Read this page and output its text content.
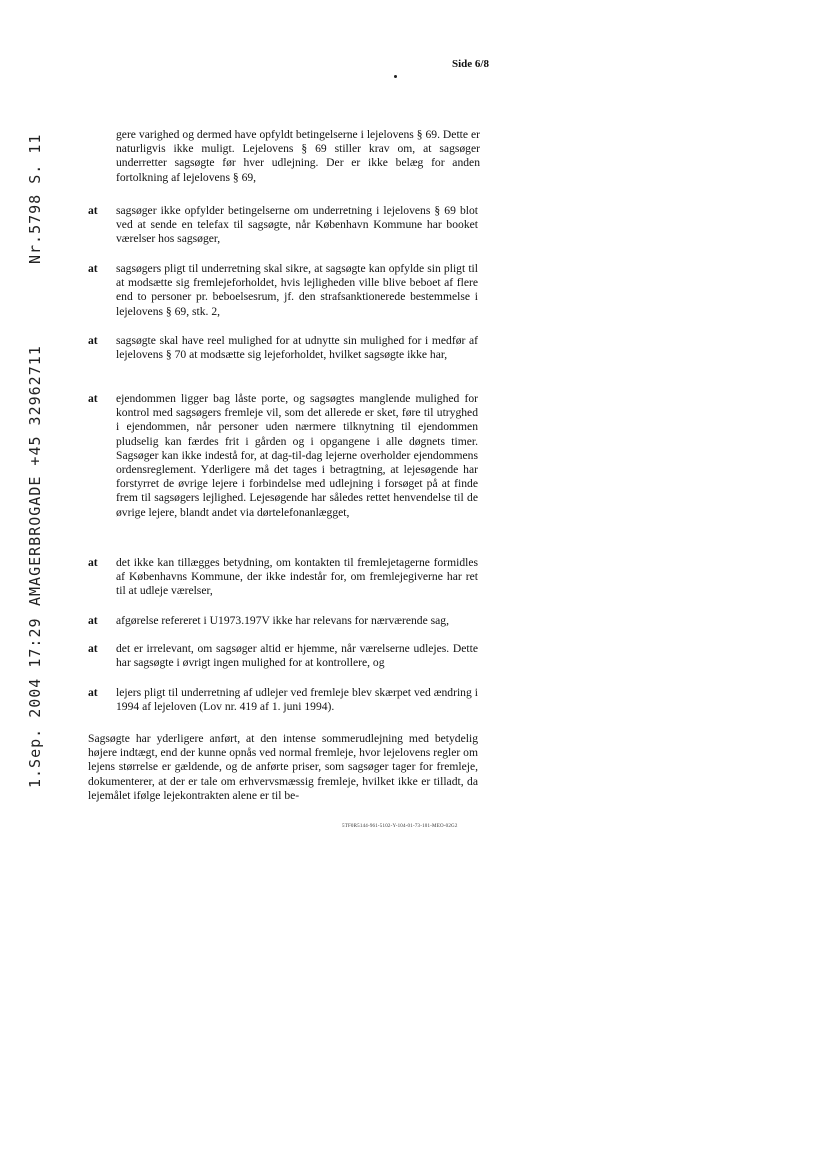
Side 6/8
Nr.5798 S. 11
AMAGERBROGADE +45 32962711
1.Sep. 2004 17:29
gere varighed og dermed have opfyldt betingelserne i lejelovens § 69. Dette er naturligvis ikke muligt. Lejelovens § 69 stiller krav om, at sagsøger underretter sagsøgte før hver udlejning. Der er ikke belæg for anden fortolkning af lejelovens § 69,
at sagsøger ikke opfylder betingelserne om underretning i lejelovens § 69 blot ved at sende en telefax til sagsøgte, når København Kommune har booket værelser hos sagsøger,
at sagsøgers pligt til underretning skal sikre, at sagsøgte kan opfylde sin pligt til at modsætte sig fremlejeforholdet, hvis lejligheden ville blive beboet af flere end to personer pr. beboelsesrum, jf. den strafsanktionerede bestemmelse i lejelovens § 69, stk. 2,
at sagsøgte skal have reel mulighed for at udnytte sin mulighed for i medfør af lejelovens § 70 at modsætte sig lejeforholdet, hvilket sagsøgte ikke har,
at ejendommen ligger bag låste porte, og sagsøgtes manglende mulighed for kontrol med sagsøgers fremleje vil, som det allerede er sket, føre til utryghed i ejendommen, når personer uden nærmere tilknytning til ejendommen pludselig kan færdes frit i gården og i opgangene i alle døgnets timer. Sagsøger kan ikke indestå for, at dag-til-dag lejerne overholder ejendommens ordensreglement. Yderligere må det tages i betragtning, at lejesøgende har forstyrret de øvrige lejere i forbindelse med udlejning i forsøget på at finde frem til sagsøgers lejlighed. Lejesøgende har således rettet henvendelse til de øvrige lejere, blandt andet via dørtelefonanlægget,
at det ikke kan tillægges betydning, om kontakten til fremlejetagerne formidles af Københavns Kommune, der ikke indestår for, om fremlejegiverne har ret til at udleje værelser,
at afgørelse refereret i U1973.197V ikke har relevans for nærværende sag,
at det er irrelevant, om sagsøger altid er hjemme, når værelserne udlejes. Dette har sagsøgte i øvrigt ingen mulighed for at kontrollere, og
at lejers pligt til underretning af udlejer ved fremleje blev skærpet ved ændring i 1994 af lejeloven (Lov nr. 419 af 1. juni 1994).
Sagsøgte har yderligere anført, at den intense sommerudlejning med betydelig højere indtægt, end der kunne opnås ved normal fremleje, hvor lejelovens regler om lejens størrelse er gældende, og de anførte priser, som sagsøger tager for fremleje, dokumenterer, at der er tale om erhvervsmæssig fremleje, hvilket ikke er tilladt, da lejemålet ifølge lejekontrakten alene er til be-
5TF0R5144-961-5102-Y-104-01-73-101-MEO-02G2
